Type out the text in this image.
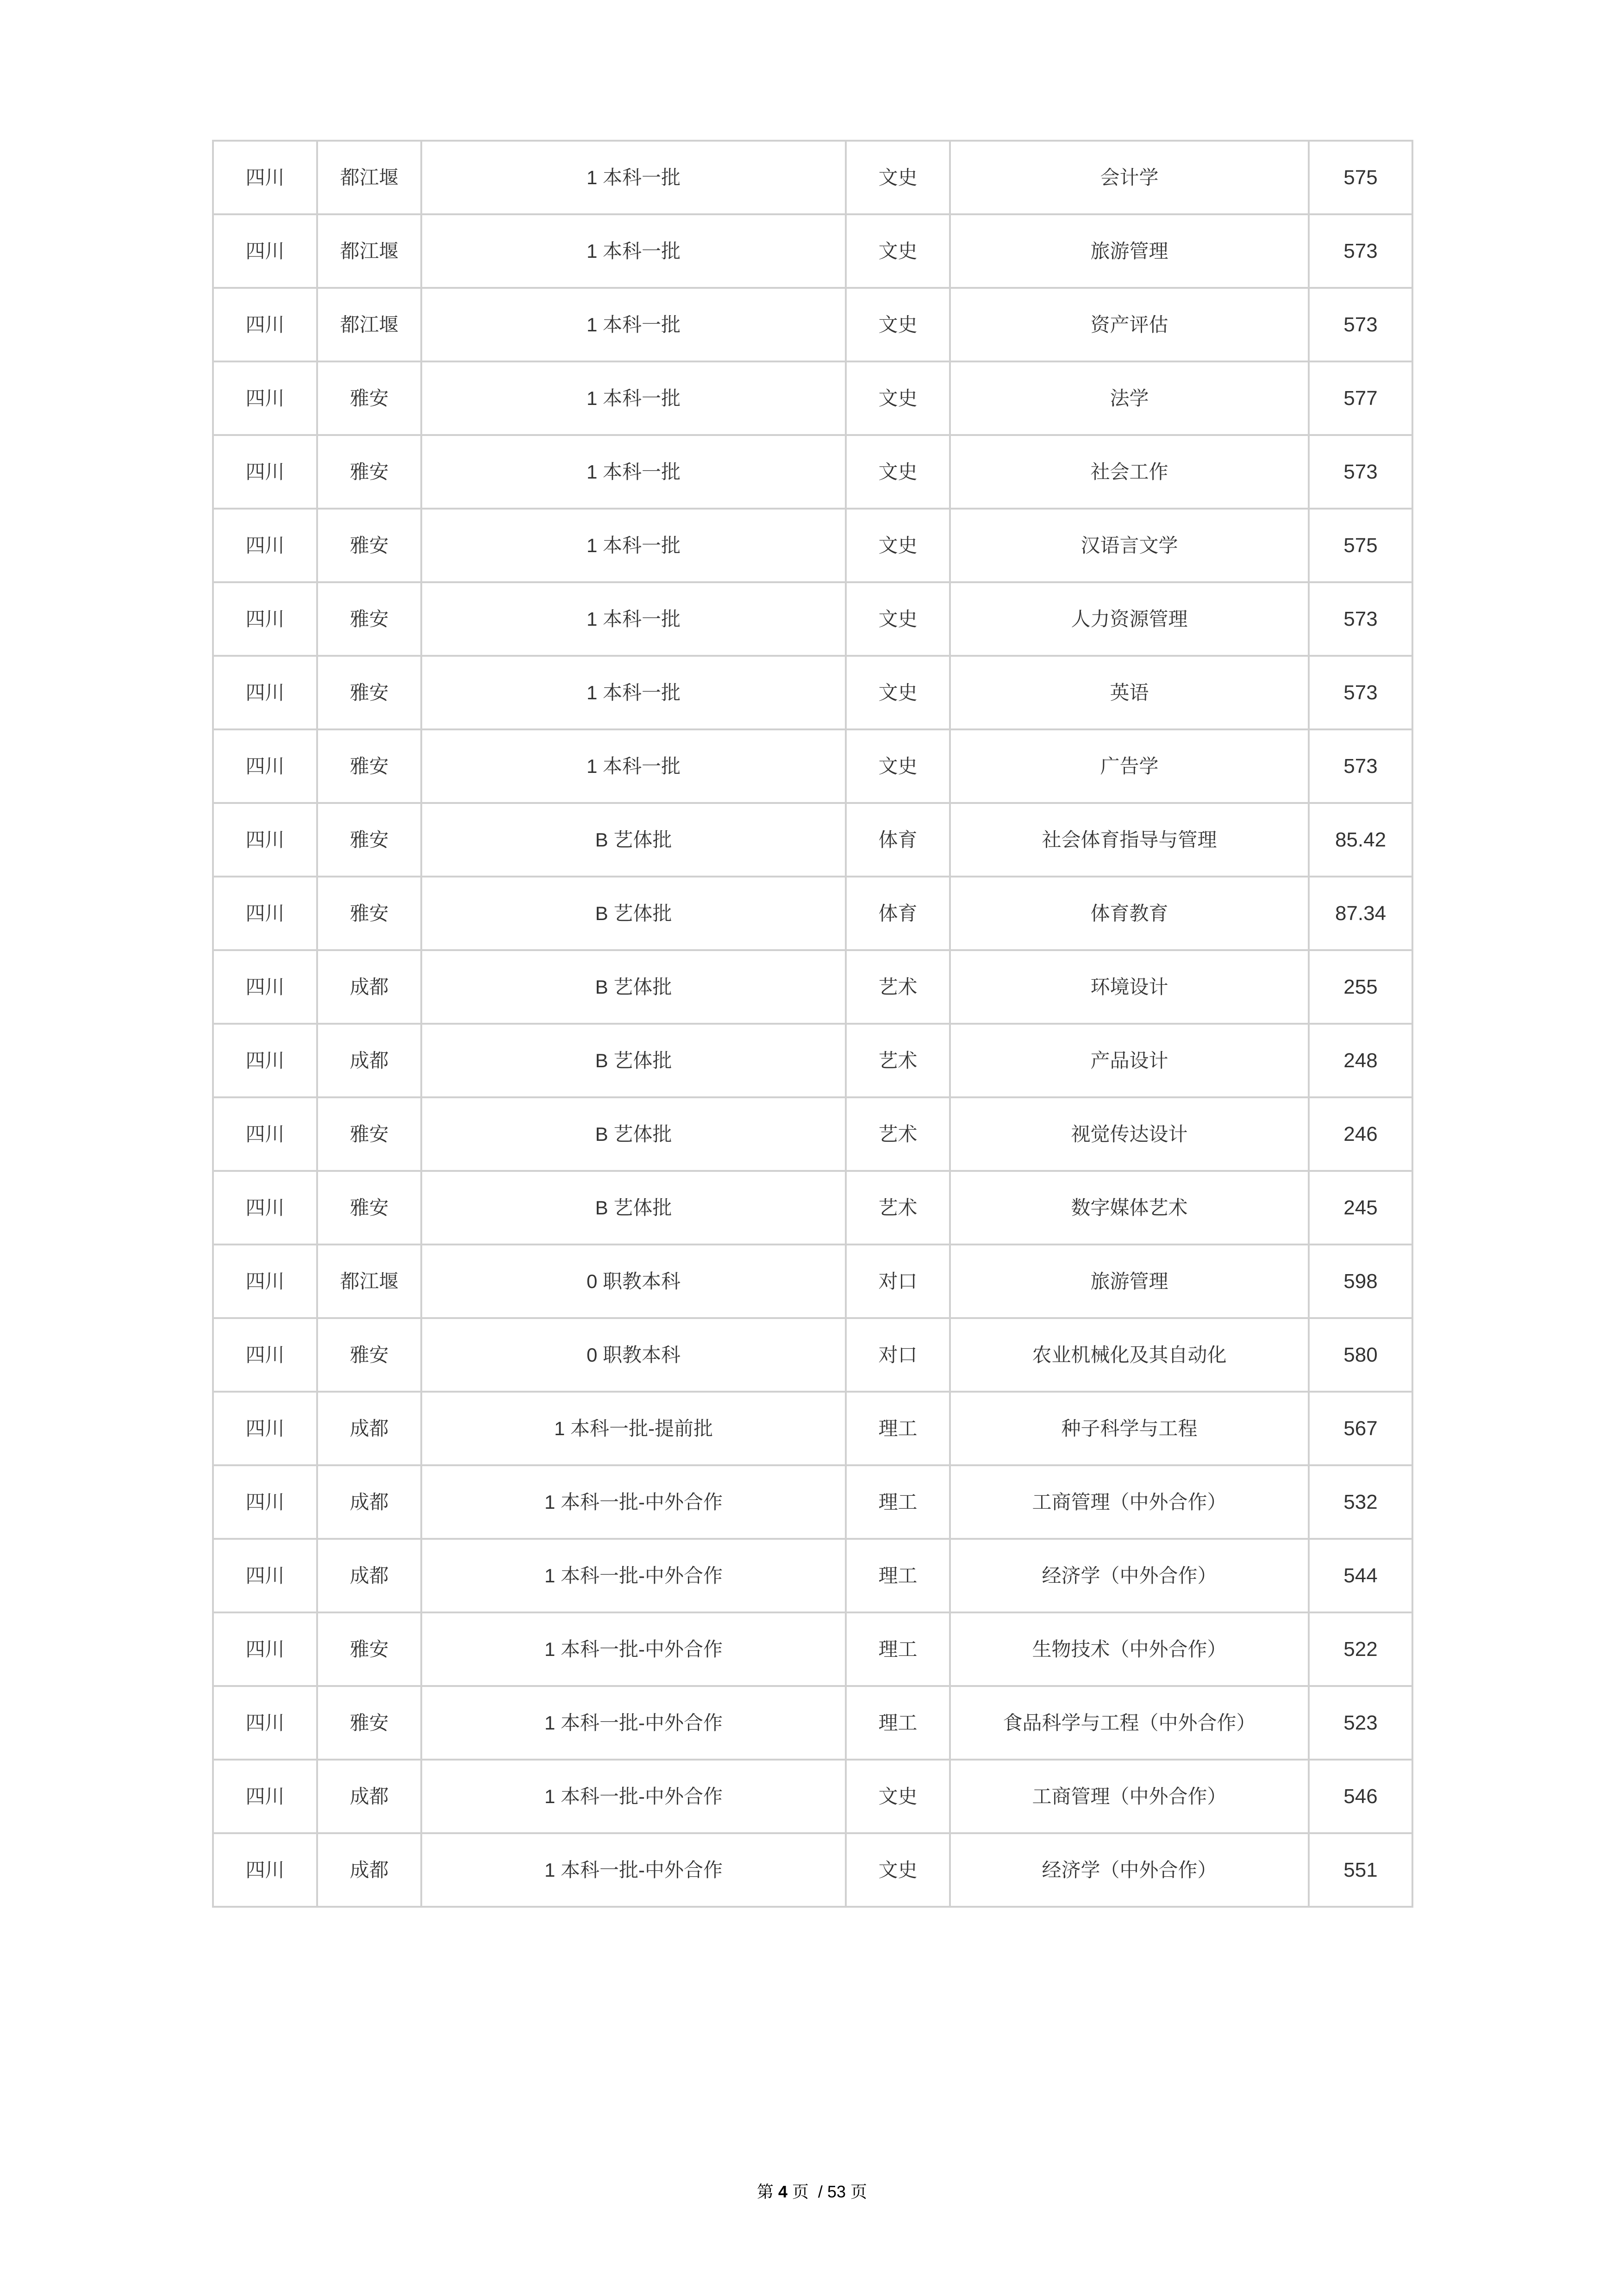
四川	都江堰	1 本科一批	文史	会计学	575
四川	都江堰	1 本科一批	文史	旅游管理	573
四川	都江堰	1 本科一批	文史	资产评估	573
四川	雅安	1 本科一批	文史	法学	577
四川	雅安	1 本科一批	文史	社会工作	573
四川	雅安	1 本科一批	文史	汉语言文学	575
四川	雅安	1 本科一批	文史	人力资源管理	573
四川	雅安	1 本科一批	文史	英语	573
四川	雅安	1 本科一批	文史	广告学	573
四川	雅安	B 艺体批	体育	社会体育指导与管理	85.42
四川	雅安	B 艺体批	体育	体育教育	87.34
四川	成都	B 艺体批	艺术	环境设计	255
四川	成都	B 艺体批	艺术	产品设计	248
四川	雅安	B 艺体批	艺术	视觉传达设计	246
四川	雅安	B 艺体批	艺术	数字媒体艺术	245
四川	都江堰	0 职教本科	对口	旅游管理	598
四川	雅安	0 职教本科	对口	农业机械化及其自动化	580
四川	成都	1 本科一批-提前批	理工	种子科学与工程	567
四川	成都	1 本科一批-中外合作	理工	工商管理（中外合作）	532
四川	成都	1 本科一批-中外合作	理工	经济学（中外合作）	544
四川	雅安	1 本科一批-中外合作	理工	生物技术（中外合作）	522
四川	雅安	1 本科一批-中外合作	理工	食品科学与工程（中外合作）	523
四川	成都	1 本科一批-中外合作	文史	工商管理（中外合作）	546
四川	成都	1 本科一批-中外合作	文史	经济学（中外合作）	551
第 4 页  / 53 页
